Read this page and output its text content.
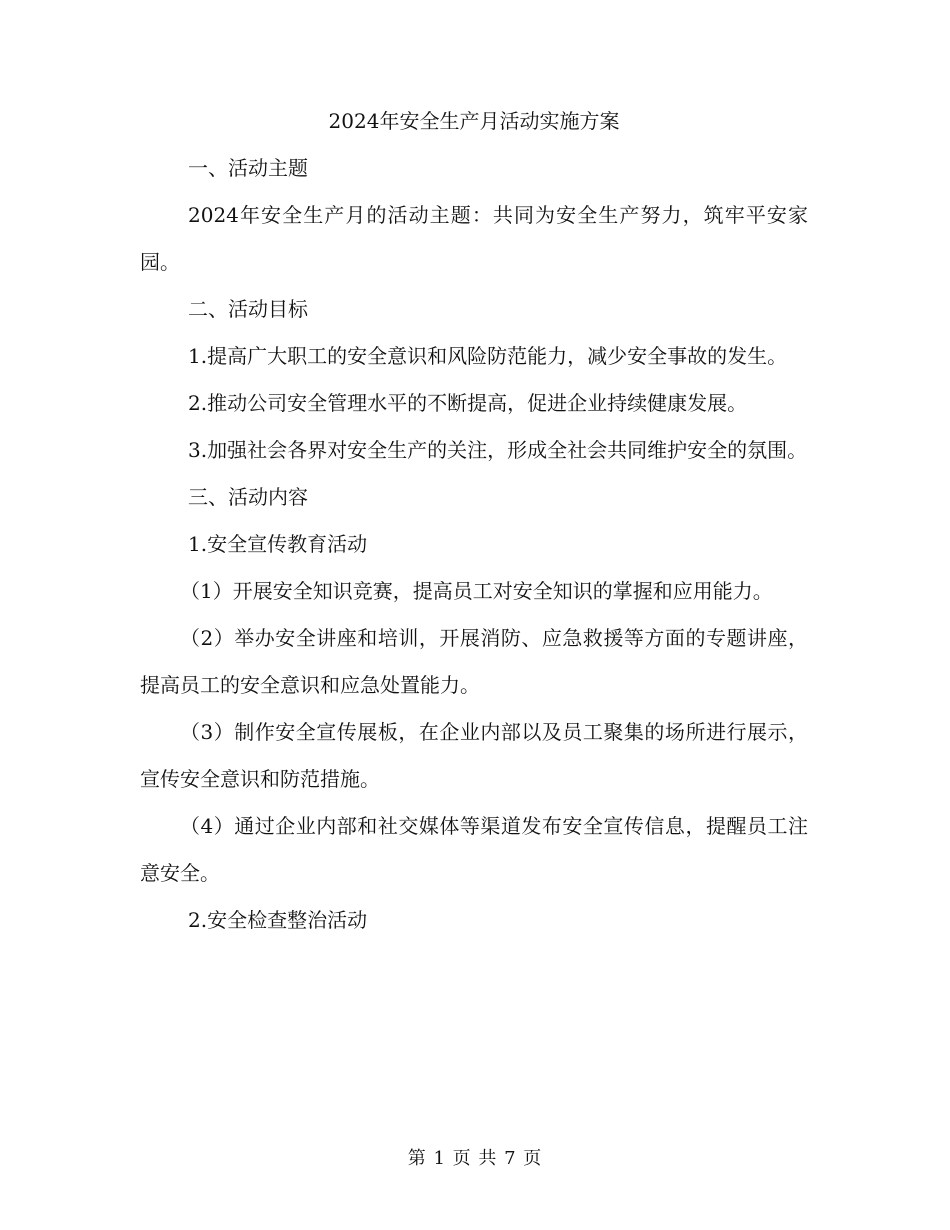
2024年安全生产月活动实施方案

一、活动主题

2024年安全生产月的活动主题：共同为安全生产努力，筑牢平安家园。

二、活动目标

1.提高广大职工的安全意识和风险防范能力，减少安全事故的发生。

2.推动公司安全管理水平的不断提高，促进企业持续健康发展。

3.加强社会各界对安全生产的关注，形成全社会共同维护安全的氛围。

三、活动内容

1.安全宣传教育活动

（1）开展安全知识竞赛，提高员工对安全知识的掌握和应用能力。

（2）举办安全讲座和培训，开展消防、应急救援等方面的专题讲座，提高员工的安全意识和应急处置能力。

（3）制作安全宣传展板，在企业内部以及员工聚集的场所进行展示，宣传安全意识和防范措施。

（4）通过企业内部和社交媒体等渠道发布安全宣传信息，提醒员工注意安全。

2.安全检查整治活动

第 1 页 共 7 页
